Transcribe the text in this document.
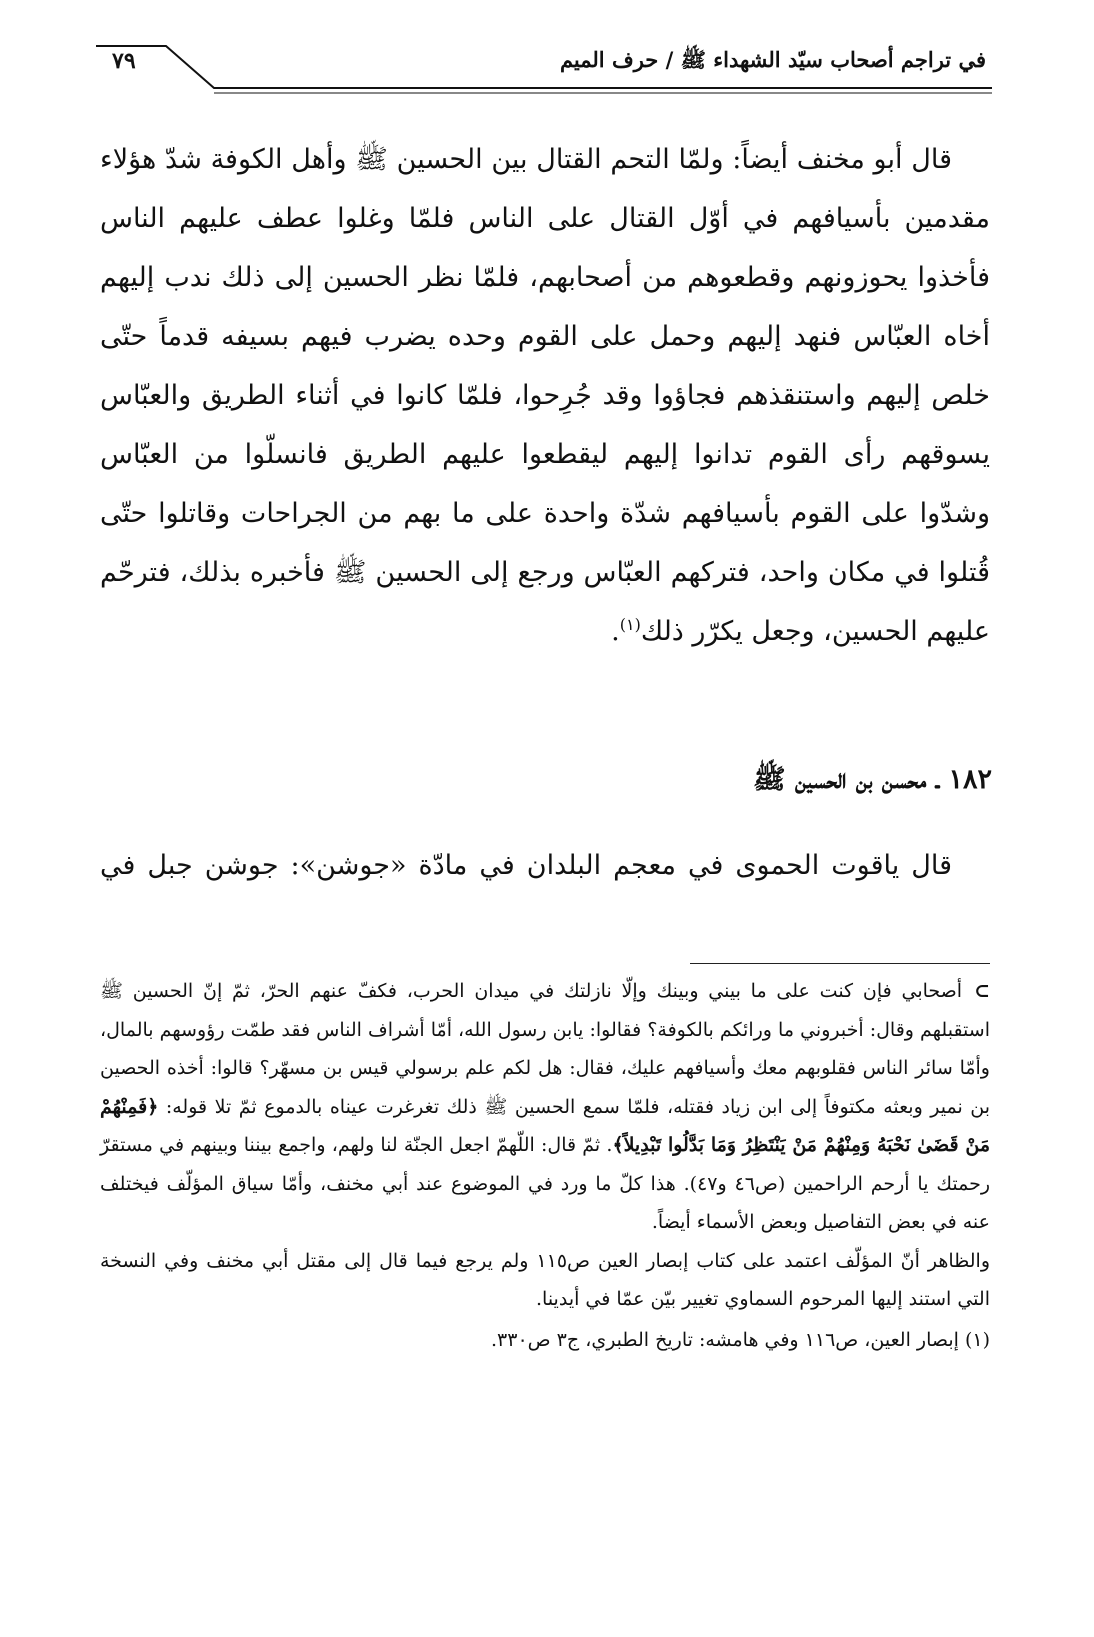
في تراجم أصحاب سيّد الشهداء ﷺ / حرف الميم
٧٩

قال أبو مخنف أيضاً: ولمّا التحم القتال بين الحسين ﷺ وأهل الكوفة شدّ هؤلاء مقدمين بأسيافهم في أوّل القتال على الناس فلمّا وغلوا عطف عليهم الناس فأخذوا يحوزونهم وقطعوهم من أصحابهم، فلمّا نظر الحسين إلى ذلك ندب إليهم أخاه العبّاس فنهد إليهم وحمل على القوم وحده يضرب فيهم بسيفه قدماً حتّى خلص إليهم واستنقذهم فجاؤوا وقد جُرِحوا، فلمّا كانوا في أثناء الطريق والعبّاس يسوقهم رأى القوم تدانوا إليهم ليقطعوا عليهم الطريق فانسلّوا من العبّاس وشدّوا على القوم بأسيافهم شدّة واحدة على ما بهم من الجراحات وقاتلوا حتّى قُتلوا في مكان واحد، فتركهم العبّاس ورجع إلى الحسين ﷺ فأخبره بذلك، فترحّم عليهم الحسين، وجعل يكرّر ذلك$^{(١)}$.

١٨٢ ـ محسن بن الحسين ﷺ
قال ياقوت الحموى في معجم البلدان في مادّة «جوشن»: جوشن جبل في

⊃أصحابي فإن كنت على ما بيني وبينك وإلّا نازلتك في ميدان الحرب، فكفّ عنهم الحرّ، ثمّ إنّ الحسين ﷺ استقبلهم وقال: أخبروني ما ورائكم بالكوفة؟ فقالوا: يابن رسول الله، أمّا أشراف الناس فقد طمّت رؤوسهم بالمال، وأمّا سائر الناس فقلوبهم معك وأسيافهم عليك، فقال: هل لكم علم برسولي قيس بن مسهّر؟ قالوا: أخذه الحصين بن نمير وبعثه مكتوفاً إلى ابن زياد فقتله، فلمّا سمع الحسين ﷺ ذلك تغرغرت عيناه بالدموع ثمّ تلا قوله: ﴿فَمِنْهُمْ مَنْ قَضَىٰ نَحْبَهُ وَمِنْهُمْ مَنْ يَنْتَظِرُ وَمَا بَدَّلُوا تَبْدِيلاً﴾. ثمّ قال: اللّهمّ اجعل الجنّة لنا ولهم، واجمع بيننا وبينهم في مستقرّ رحمتك يا أرحم الراحمين (ص٤٦ و٤٧). هذا كلّ ما ورد في الموضوع عند أبي مخنف، وأمّا سياق المؤلّف فيختلف عنه في بعض التفاصيل وبعض الأسماء أيضاً.

والظاهر أنّ المؤلّف اعتمد على كتاب إبصار العين ص١١٥ ولم يرجع فيما قال إلى مقتل أبي مخنف وفي النسخة التي استند إليها المرحوم السماوي تغيير بيّن عمّا في أيدينا.

(١) إبصار العين، ص١١٦ وفي هامشه: تاريخ الطبري، ج٣ ص٣٣٠.
